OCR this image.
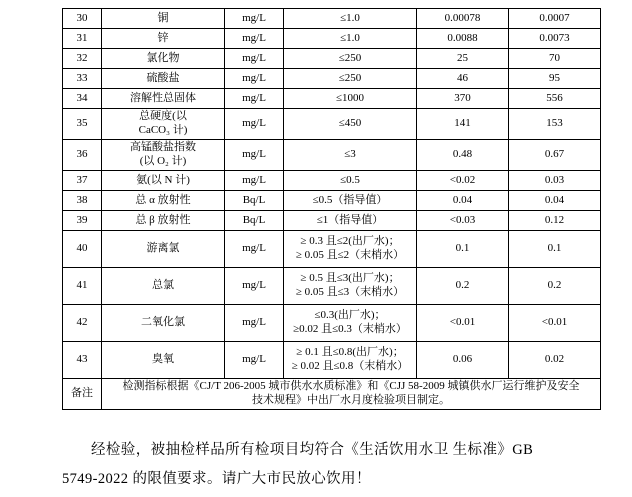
30	铜	mg/L	≤1.0	0.00078	0.0007
31	锌	mg/L	≤1.0	0.0088	0.0073
32	氯化物	mg/L	≤250	25	70
33	硫酸盐	mg/L	≤250	46	95
34	溶解性总固体	mg/L	≤1000	370	556
35	总硬度(以
CaCO₃ 计)	mg/L	≤450	141	153
36	高锰酸盐指数
(以 O₂ 计)	mg/L	≤3	0.48	0.67
37	氨(以 N 计)	mg/L	≤0.5	<0.02	0.03
38	总 α 放射性	Bq/L	≤0.5（指导值）	0.04	0.04
39	总 β 放射性	Bq/L	≤1（指导值）	<0.03	0.12
40	游离氯	mg/L	≥ 0.3 且≤2(出厂水)；
≥ 0.05 且≤2（末梢水）	0.1	0.1
41	总氯	mg/L	≥ 0.5 且≤3(出厂水)；
≥ 0.05 且≤3（末梢水）	0.2	0.2
42	二氧化氯	mg/L	≤0.3(出厂水)；
≥0.02 且≤0.3（末梢水）	<0.01	<0.01
43	臭氧	mg/L	≥ 0.1 且≤0.8(出厂水)；
≥ 0.02 且≤0.8（末梢水）	0.06	0.02
备注	检测指标根据《CJ/T 206-2005 城市供水水质标准》和《CJJ 58-2009 城镇供水厂运行维护及安全
技术规程》中出厂水月度检验项目制定。				
经检验，被抽检样品所有检项目均符合《生活饮用水卫 生标准》GB 5749-2022 的限值要求。请广大市民放心饮用！
